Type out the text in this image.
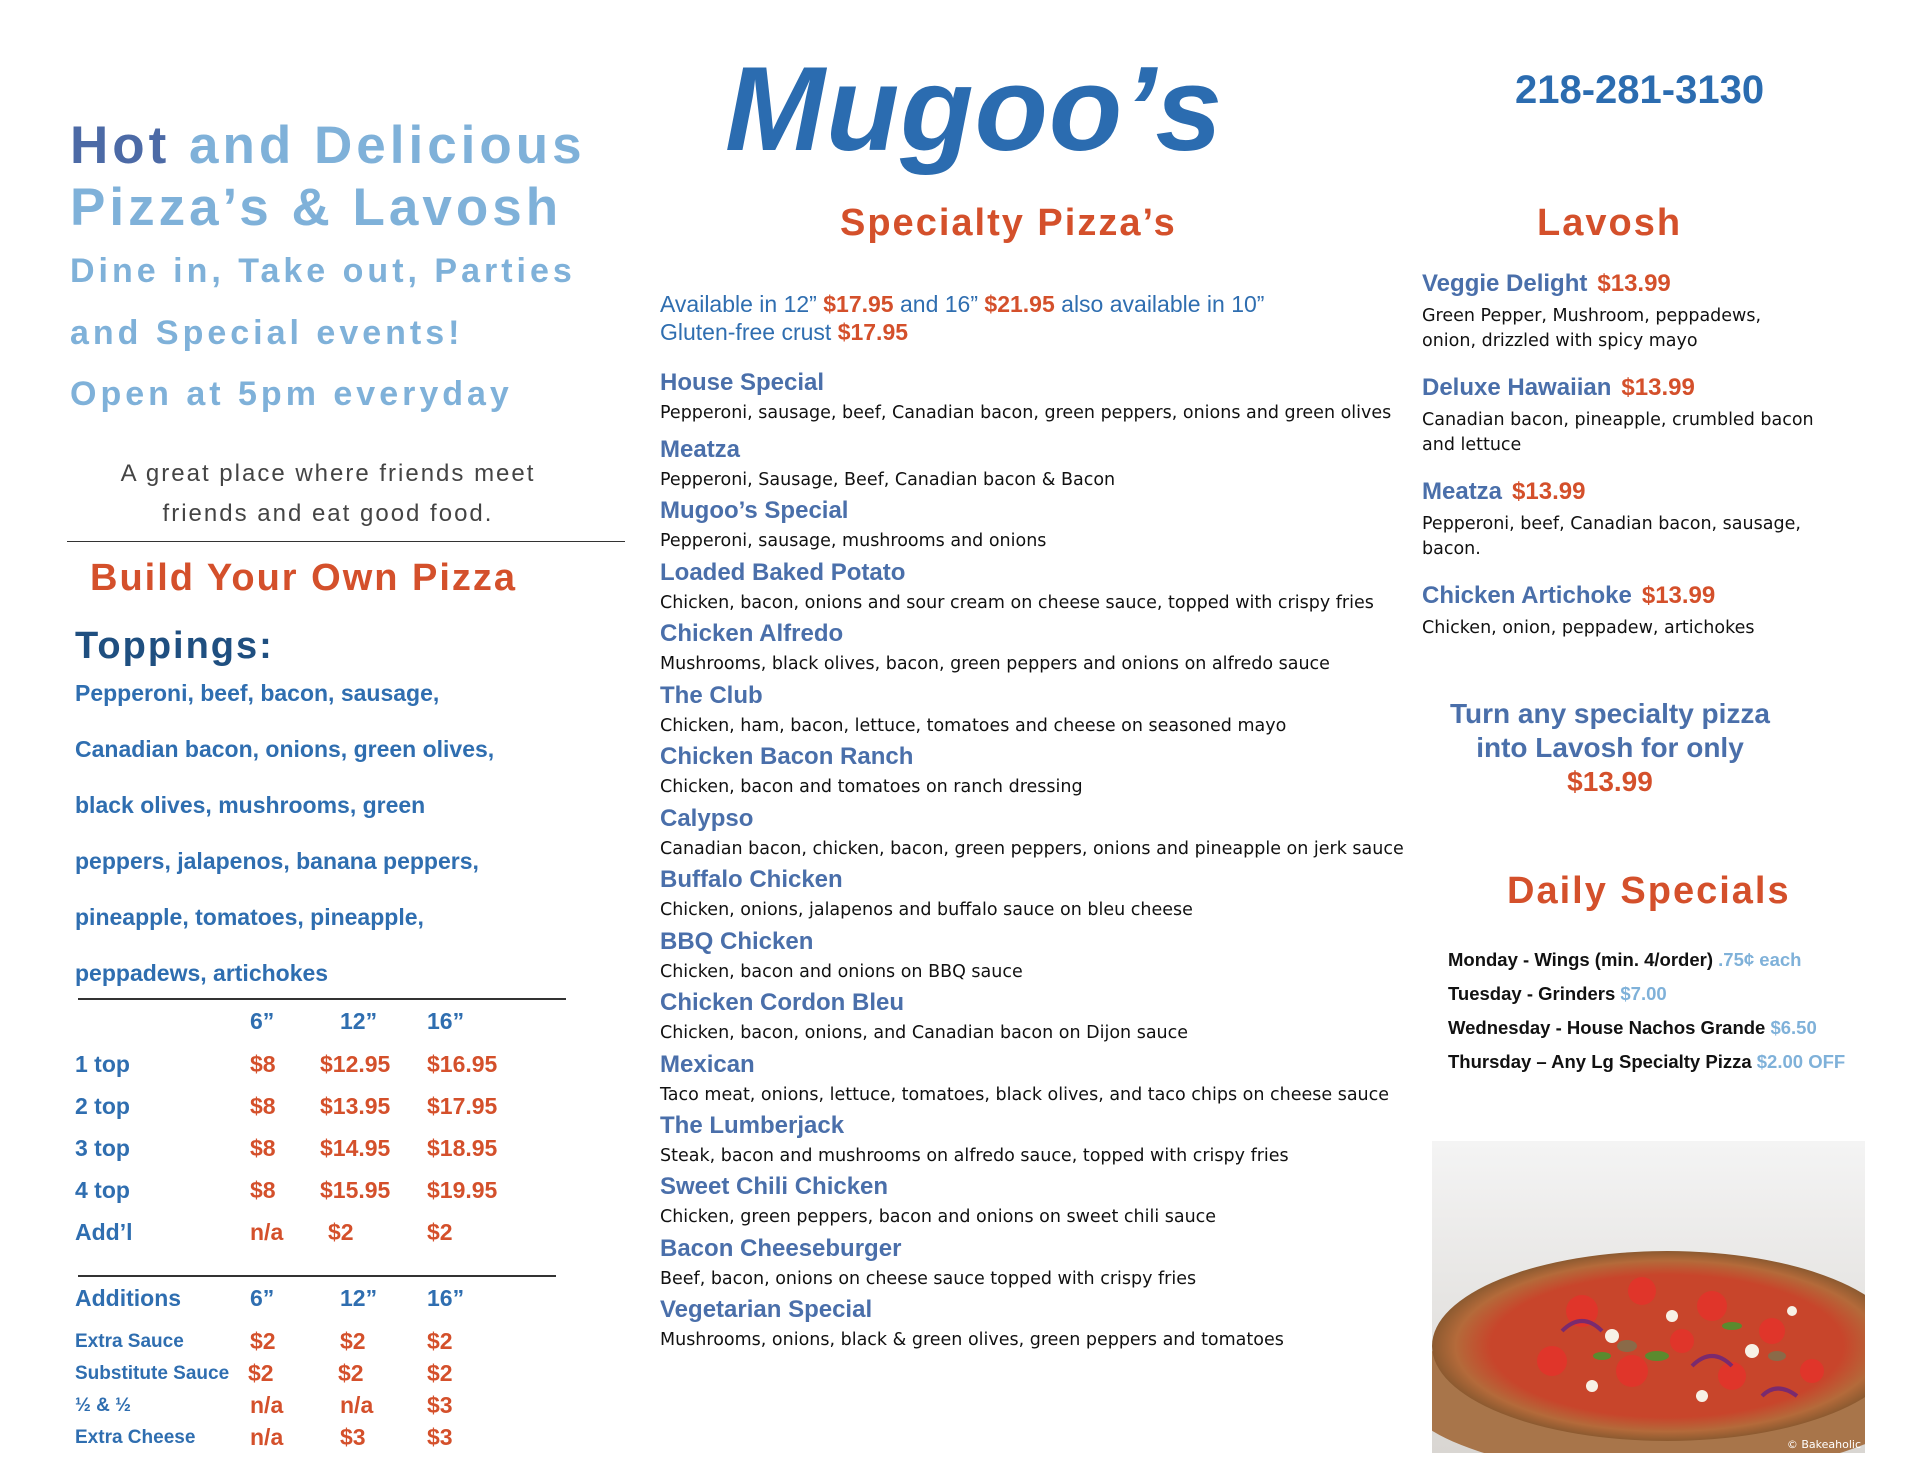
Hot and Delicious
Pizza’s & Lavosh
Dine in, Take out, Parties
and Special events!
Open at 5pm everyday
A great place where friends meet
friends and eat good food.
Build Your Own Pizza
Toppings:
Pepperoni, beef, bacon, sausage,
Canadian bacon, onions, green olives,
black olives, mushrooms, green
peppers, jalapenos, banana peppers,
pineapple, tomatoes, pineapple,
peppadews, artichokes
6”	12” 16”
1 top	$8 $12.95 $16.95
2 top	$8 $13.95 $17.95
3 top	$8 $14.95 $18.95
4 top	$8 $15.95 $19.95
Add’l	n/a $2	$2
Additions	6”	12” 16”
Extra Sauce	$2	$2	$2
Substitute Sauce $2	$2	$2
½ & ½	n/a n/a $3
Extra Cheese n/a $3	$3
Mugoo’s
Specialty Pizza’s
Available in 12” $17.95 and 16” $21.95 also available in 10”
Gluten-free crust $17.95
House Special
Pepperoni, sausage, beef, Canadian bacon, green peppers, onions and green olives
Meatza
Pepperoni, Sausage, Beef, Canadian bacon & Bacon
Mugoo’s Special
Pepperoni, sausage, mushrooms and onions
Loaded Baked Potato
Chicken, bacon, onions and sour cream on cheese sauce, topped with crispy fries
Chicken Alfredo
Mushrooms, black olives, bacon, green peppers and onions on alfredo sauce
The Club
Chicken, ham, bacon, lettuce, tomatoes and cheese on seasoned mayo
Chicken Bacon Ranch
Chicken, bacon and tomatoes on ranch dressing
Calypso
Canadian bacon, chicken, bacon, green peppers, onions and pineapple on jerk sauce
Buffalo Chicken
Chicken, onions, jalapenos and buffalo sauce on bleu cheese
BBQ Chicken
Chicken, bacon and onions on BBQ sauce
Chicken Cordon Bleu
Chicken, bacon, onions, and Canadian bacon on Dijon sauce
Mexican
Taco meat, onions, lettuce, tomatoes, black olives, and taco chips on cheese sauce
The Lumberjack
Steak, bacon and mushrooms on alfredo sauce, topped with crispy fries
Sweet Chili Chicken
Chicken, green peppers, bacon and onions on sweet chili sauce
Bacon Cheeseburger
Beef, bacon, onions on cheese sauce topped with crispy fries
Vegetarian Special
Mushrooms, onions, black & green olives, green peppers and tomatoes
218-281-3130
Lavosh
Veggie Delight $13.99
Green Pepper, Mushroom, peppadews,
onion, drizzled with spicy mayo
Deluxe Hawaiian $13.99
Canadian bacon, pineapple, crumbled bacon
and lettuce
Meatza $13.99
Pepperoni, beef, Canadian bacon, sausage,
bacon.
Chicken Artichoke $13.99
Chicken, onion, peppadew, artichokes
Turn any specialty pizza
into Lavosh for only
$13.99
Daily Specials
Monday - Wings (min. 4/order) .75¢ each
Tuesday - Grinders $7.00
Wednesday - House Nachos Grande $6.50
Thursday – Any Lg Specialty Pizza $2.00 OFF
© Bakeaholic
